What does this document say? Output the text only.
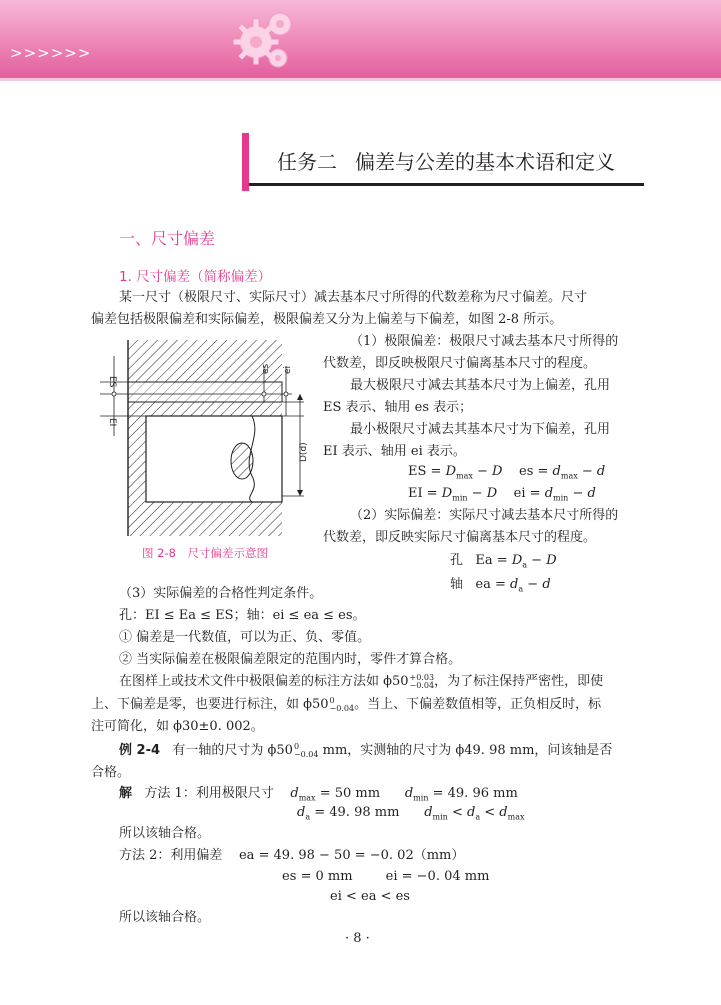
>>>>>>
任务二 偏差与公差的基本术语和定义
一、尺寸偏差
1. 尺寸偏差（简称偏差）
某一尺寸（极限尺寸、实际尺寸）减去基本尺寸所得的代数差称为尺寸偏差。尺寸
偏差包括极限偏差和实际偏差，极限偏差又分为上偏差与下偏差，如图 2-8 所示。
ES
EI
es ei
D(d)
图 2-8　尺寸偏差示意图
（1）极限偏差：极限尺寸减去基本尺寸所得的
代数差，即反映极限尺寸偏离基本尺寸的程度。
最大极限尺寸减去其基本尺寸为上偏差，孔用
ES 表示、轴用 es 表示；
最小极限尺寸减去其基本尺寸为下偏差，孔用
EI 表示、轴用 ei 表示。
ES = $D_{max} - D$ es = $d_{max} - d$
EI = $D_{min} - D$ ei = $d_{min} - d$
（2）实际偏差：实际尺寸减去基本尺寸所得的
代数差，即反映实际尺寸偏离基本尺寸的程度。
孔 $Ea = D_a - D$
轴 ea = $d_a - d$
（3）实际偏差的合格性判定条件。
孔：EI ≤ Ea ≤ ES；轴：ei ≤ ea ≤ es。
① 偏差是一代数值，可以为正、负、零值。
② 当实际偏差在极限偏差限定的范围内时，零件才算合格。
在图样上或技术文件中极限偏差的标注方法如 ϕ50 +0.03
−0.04 ，为了标注保持严密性，即使
上、下偏差是零，也要进行标注，如 ϕ50 0
−0.04 。当上、下偏差数值相等，正负相反时，标
注可简化，如 ϕ30±0. 002。
例 2-4 有一轴的尺寸为 ϕ50 0
−0.04 mm，实测轴的尺寸为 ϕ49. 98 mm，问该轴是否
合格。
解 方法 1：利用极限尺寸 $d_{max} = 50$ mm $d_{min} = 49$. 96 mm
$d_a = 49$. 98 mm $d_{min} < d_a < d_{max}$
所以该轴合格。
方法 2：利用偏差 ea = 49. 98 − 50 = −0. 02（mm）
es = 0 mm	ei = −0. 04 mm
ei < ea < es
所以该轴合格。
· 8 ·
